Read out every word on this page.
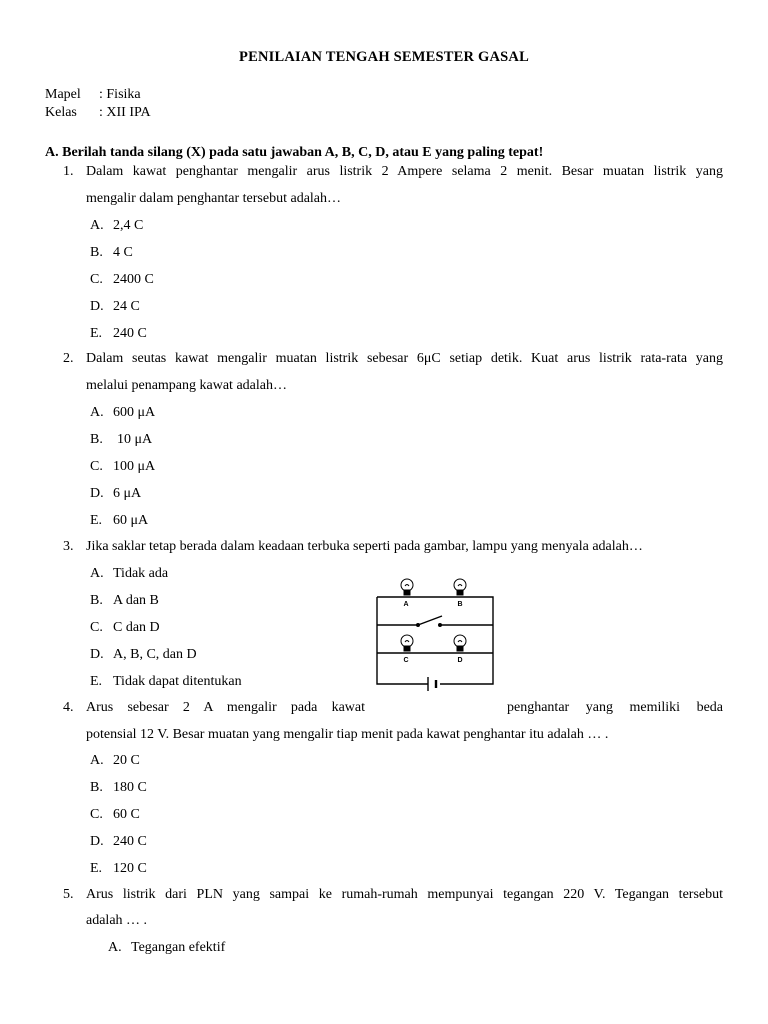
PENILAIAN TENGAH SEMESTER GASAL
Mapel : Fisika
Kelas : XII IPA
A. Berilah tanda silang (X) pada satu jawaban A, B, C, D, atau E yang paling tepat!
1. Dalam kawat penghantar mengalir arus listrik 2 Ampere selama 2 menit. Besar muatan listrik yang
mengalir dalam penghantar tersebut adalah…
A. 2,4 C
B. 4 C
C. 2400 C
D. 24 C
E. 240 C
2. Dalam seutas kawat mengalir muatan listrik sebesar 6μC setiap detik. Kuat arus listrik rata-rata yang
melalui penampang kawat adalah…
A. 600 μA
B. 10 μA
C. 100 μA
D. 6 μA
E. 60 μA
3. Jika saklar tetap berada dalam keadaan terbuka seperti pada gambar, lampu yang menyala adalah…
A. Tidak ada
B. A dan B
C. C dan D
D. A, B, C, dan D
E. Tidak dapat ditentukan
A	B
C	D
4. Arus sebesar 2 A mengalir pada kawat	penghantar yang memiliki beda
potensial 12 V. Besar muatan yang mengalir tiap menit pada kawat penghantar itu adalah … .
A. 20 C
B. 180 C
C. 60 C
D. 240 C
E. 120 C
5. Arus listrik dari PLN yang sampai ke rumah-rumah mempunyai tegangan 220 V. Tegangan tersebut
adalah … .
A. Tegangan efektif
